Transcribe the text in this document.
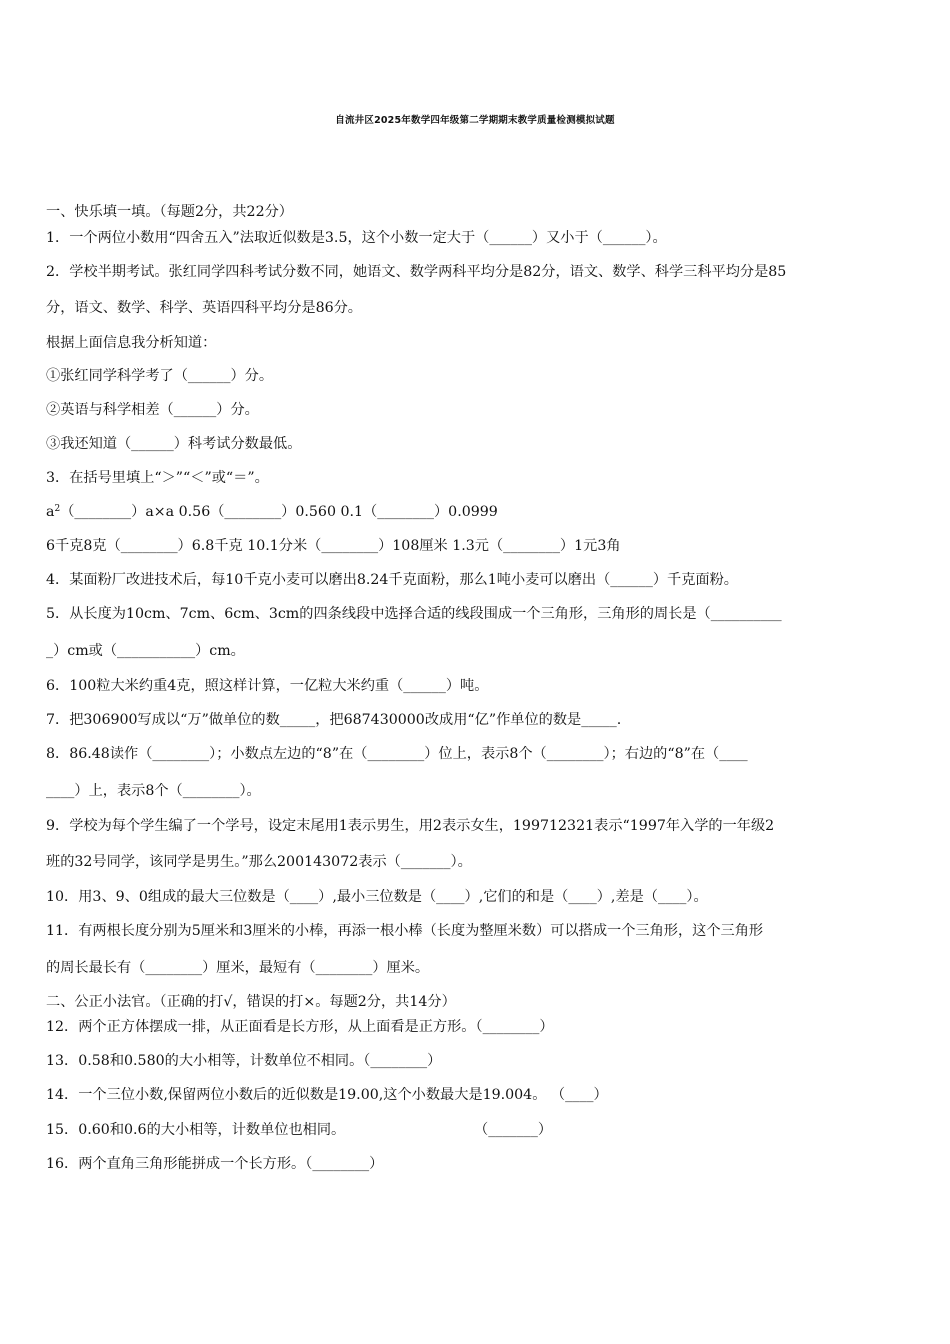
自流井区2025年数学四年级第二学期期末教学质量检测模拟试题
一、快乐填一填。（每题2分，共22分）
1．一个两位小数用“四舍五入”法取近似数是3.5，这个小数一定大于（______）又小于（______）。
2．学校半期考试。张红同学四科考试分数不同，她语文、数学两科平均分是82分，语文、数学、科学三科平均分是85
分，语文、数学、科学、英语四科平均分是86分。
根据上面信息我分析知道：
①张红同学科学考了（______）分。
②英语与科学相差（______）分。
③我还知道（______）科考试分数最低。
3．在括号里填上“＞”“＜”或“＝”。
$a^2(\_\_\_\_\_\_\_\_)a\times a$ 0.56（________）0.560 0.1（________）0.0999
6千克8克（________）6.8千克 10.1分米（________）108厘米 1.3元（________）1元3角
4．某面粉厂改进技术后，每10千克小麦可以磨出8.24千克面粉，那么1吨小麦可以磨出（______）千克面粉。
5．从长度为10cm、7cm、6cm、3cm的四条线段中选择合适的线段围成一个三角形，三角形的周长是（__________
_）cm或（___________）cm。
6．100粒大米约重4克，照这样计算，一亿粒大米约重（______）吨。
7．把306900写成以“万”做单位的数_____，把687430000改成用“亿”作单位的数是_____.
8．86.48读作（________）；小数点左边的“8”在（________）位上，表示8个（________）；右边的“8”在（____
____）上，表示8个（________）。
9．学校为每个学生编了一个学号，设定末尾用1表示男生，用2表示女生，199712321表示“1997年入学的一年级2
班的32号同学，该同学是男生。”那么200143072表示（_______）。
10．用3、9、0组成的最大三位数是（____）,最小三位数是（____）,它们的和是（____）,差是（____）。
11．有两根长度分别为5厘米和3厘米的小棒，再添一根小棒（长度为整厘米数）可以搭成一个三角形，这个三角形
的周长最长有（________）厘米，最短有（________）厘米。
二、公正小法官。（正确的打√，错误的打×。每题2分，共14分）
12．两个正方体摆成一排，从正面看是长方形，从上面看是正方形。（________）
13．0.58和0.580的大小相等，计数单位不相同。（________）
14．一个三位小数,保留两位小数后的近似数是19.00,这个小数最大是19.004。 （____）
15．0.60和0.6的大小相等，计数单位也相同。	（_______）
16．两个直角三角形能拼成一个长方形。（________）
